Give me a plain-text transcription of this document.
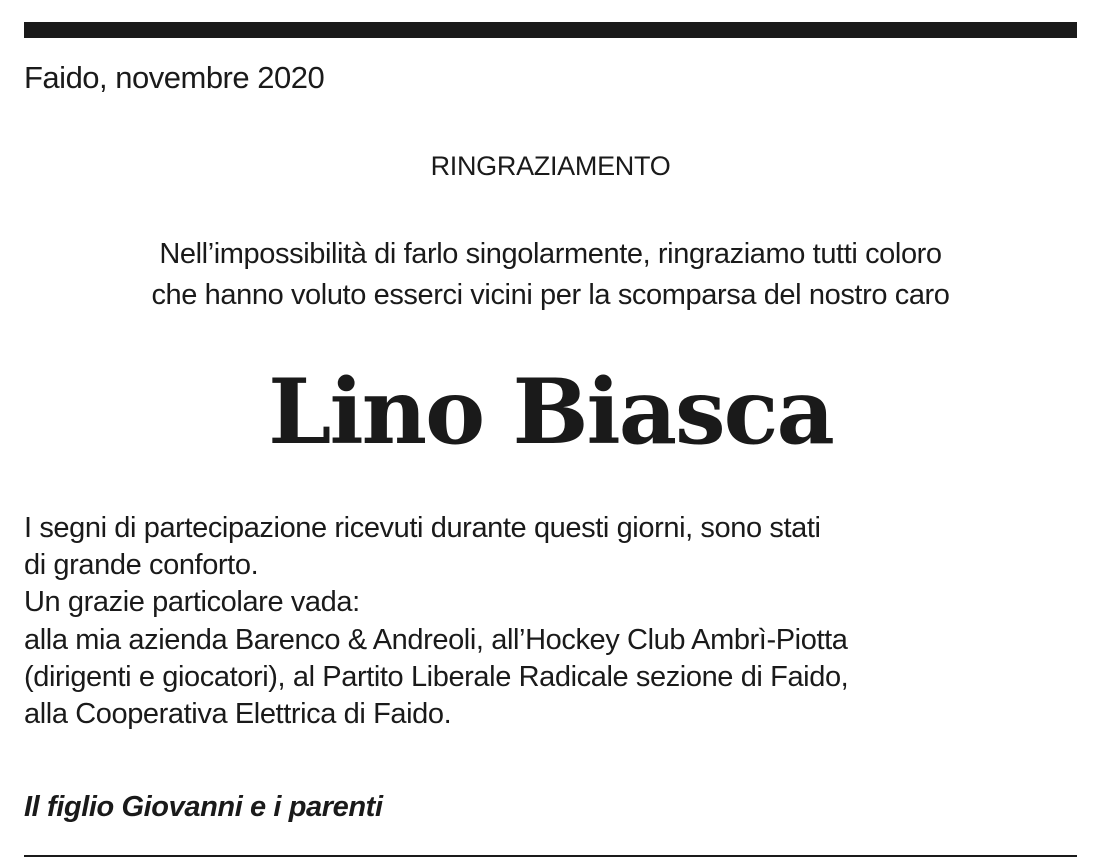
Faido, novembre 2020
RINGRAZIAMENTO
Nell’impossibilità di farlo singolarmente, ringraziamo tutti coloro
che hanno voluto esserci vicini per la scomparsa del nostro caro
Lino Biasca
I segni di partecipazione ricevuti durante questi giorni, sono stati
di grande conforto.
Un grazie particolare vada:
alla mia azienda Barenco & Andreoli, all’Hockey Club Ambrì-Piotta
(dirigenti e giocatori), al Partito Liberale Radicale sezione di Faido,
alla Cooperativa Elettrica di Faido.
Il figlio Giovanni e i parenti
